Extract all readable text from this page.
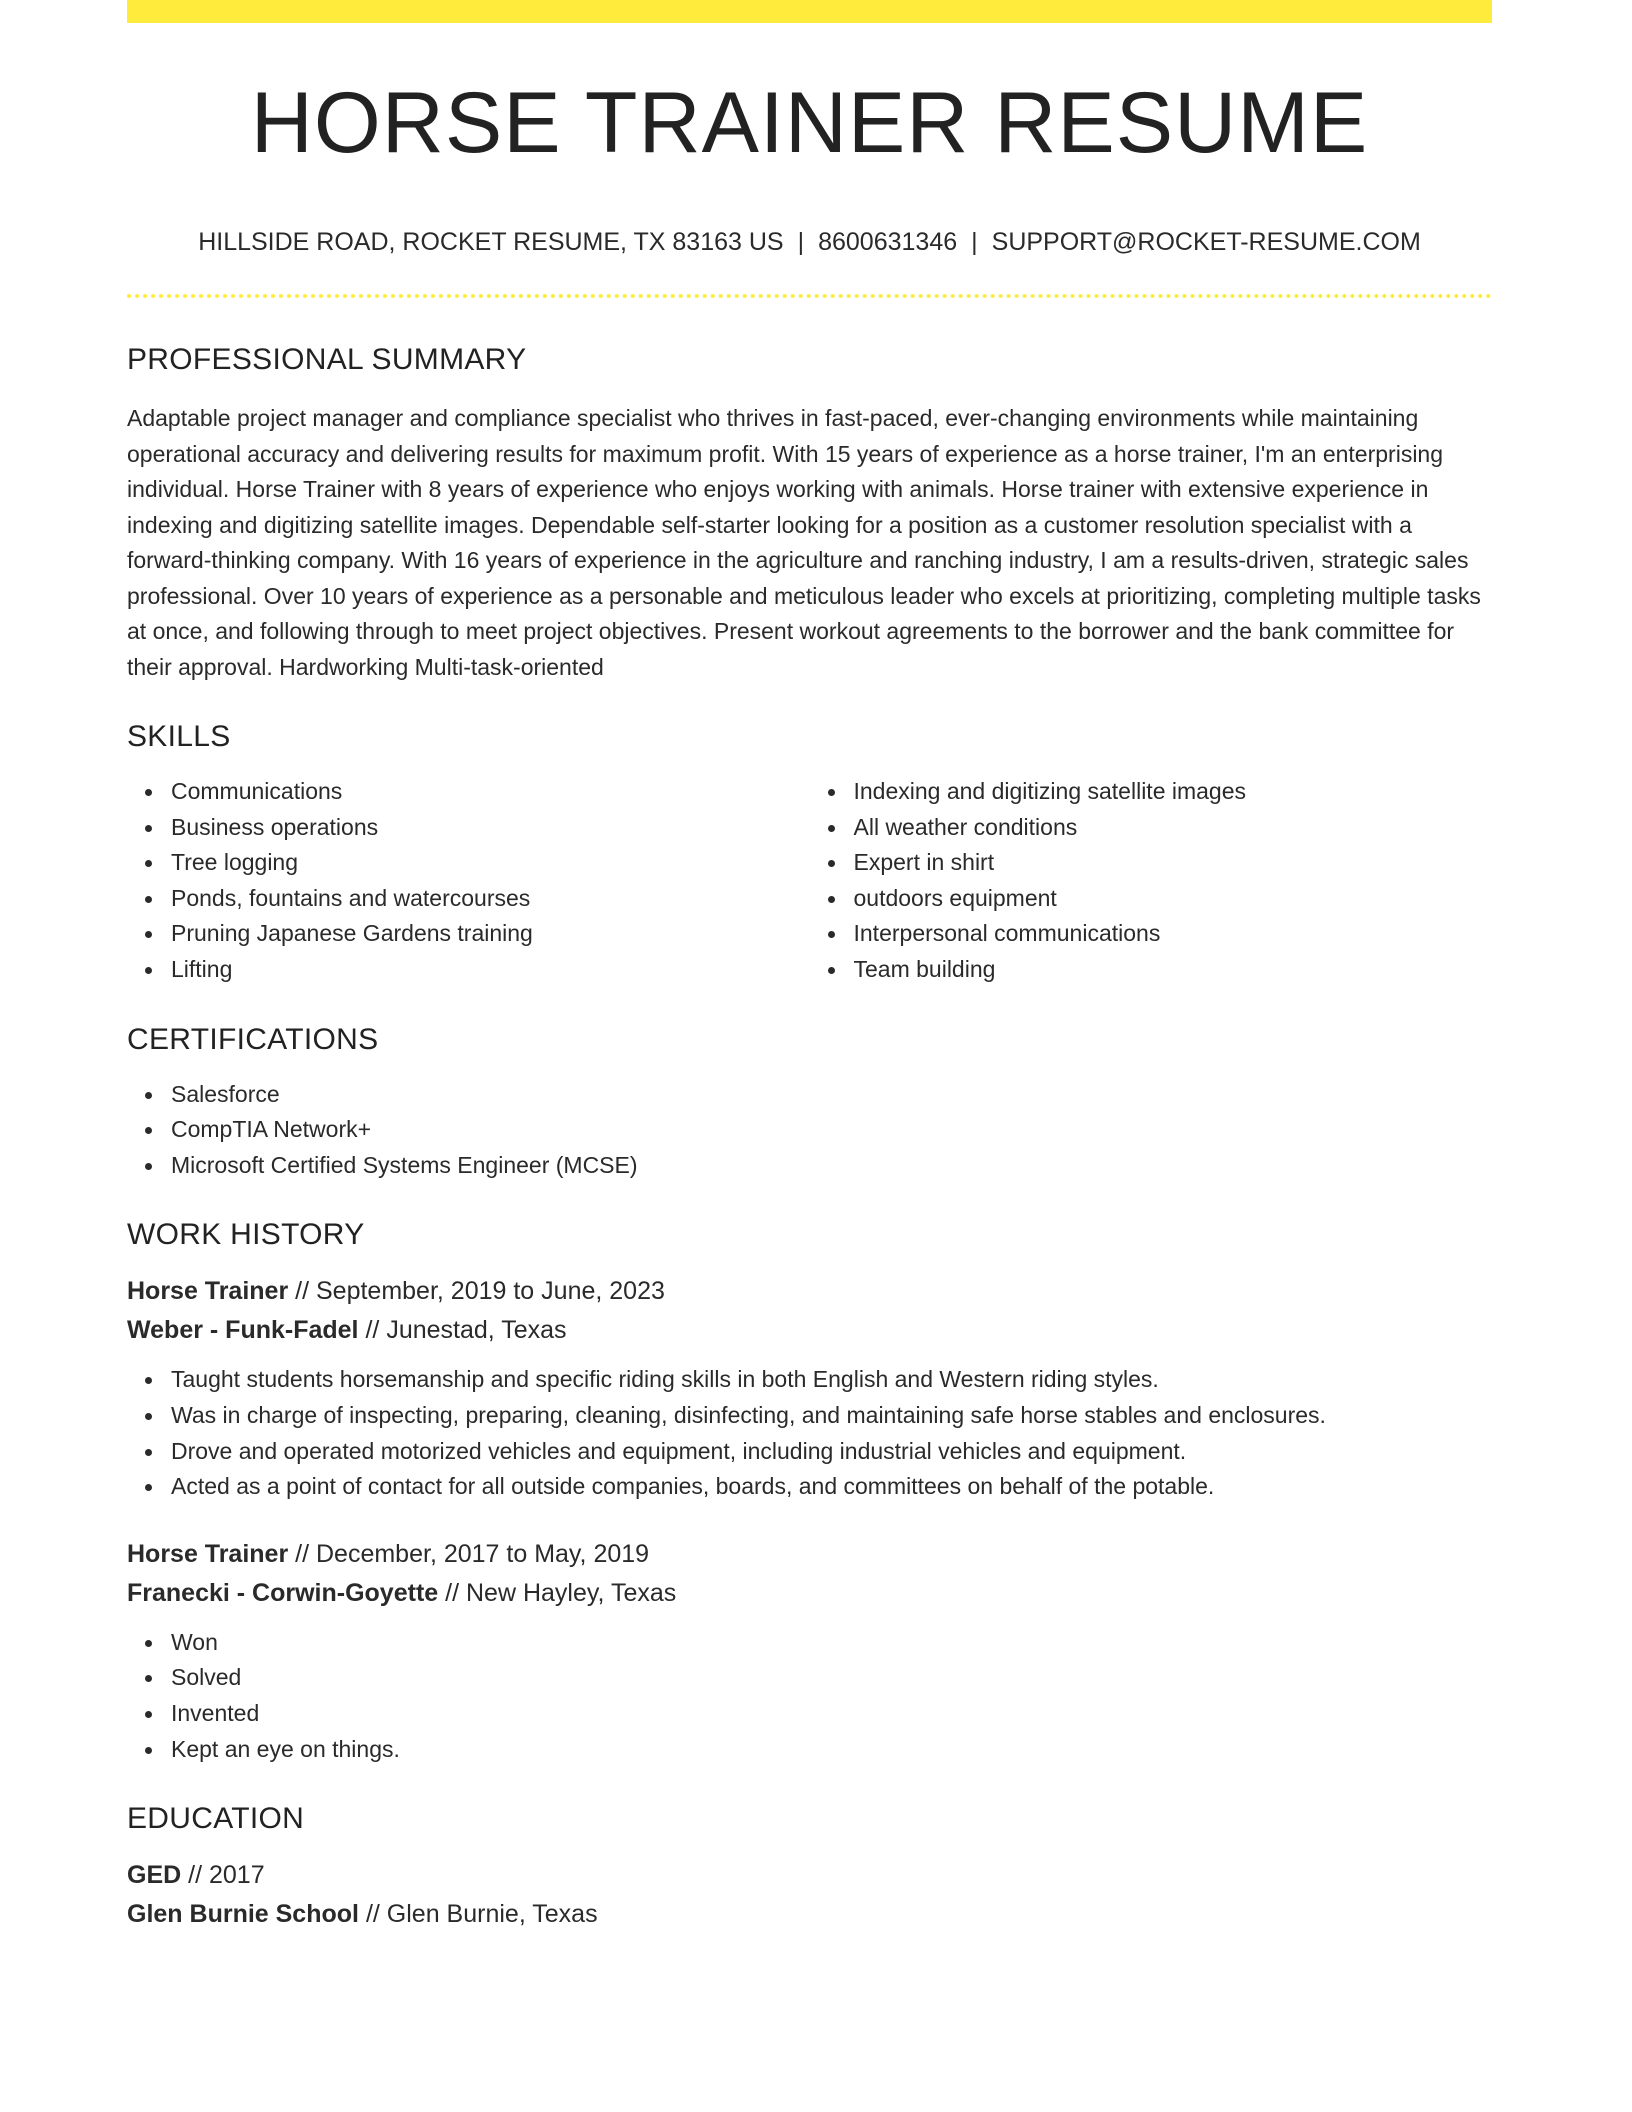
HORSE TRAINER RESUME
HILLSIDE ROAD, ROCKET RESUME, TX 83163 US | 8600631346 | SUPPORT@ROCKET-RESUME.COM
PROFESSIONAL SUMMARY
Adaptable project manager and compliance specialist who thrives in fast-paced, ever-changing environments while maintaining operational accuracy and delivering results for maximum profit. With 15 years of experience as a horse trainer, I'm an enterprising individual. Horse Trainer with 8 years of experience who enjoys working with animals. Horse trainer with extensive experience in indexing and digitizing satellite images. Dependable self-starter looking for a position as a customer resolution specialist with a forward-thinking company. With 16 years of experience in the agriculture and ranching industry, I am a results-driven, strategic sales professional. Over 10 years of experience as a personable and meticulous leader who excels at prioritizing, completing multiple tasks at once, and following through to meet project objectives. Present workout agreements to the borrower and the bank committee for their approval. Hardworking Multi-task-oriented
SKILLS
Communications
Business operations
Tree logging
Ponds, fountains and watercourses
Pruning Japanese Gardens training
Lifting
Indexing and digitizing satellite images
All weather conditions
Expert in shirt
outdoors equipment
Interpersonal communications
Team building
CERTIFICATIONS
Salesforce
CompTIA Network+
Microsoft Certified Systems Engineer (MCSE)
WORK HISTORY
Horse Trainer // September, 2019 to June, 2023
Weber - Funk-Fadel // Junestad, Texas
Taught students horsemanship and specific riding skills in both English and Western riding styles.
Was in charge of inspecting, preparing, cleaning, disinfecting, and maintaining safe horse stables and enclosures.
Drove and operated motorized vehicles and equipment, including industrial vehicles and equipment.
Acted as a point of contact for all outside companies, boards, and committees on behalf of the potable.
Horse Trainer // December, 2017 to May, 2019
Franecki - Corwin-Goyette // New Hayley, Texas
Won
Solved
Invented
Kept an eye on things.
EDUCATION
GED // 2017
Glen Burnie School // Glen Burnie, Texas
